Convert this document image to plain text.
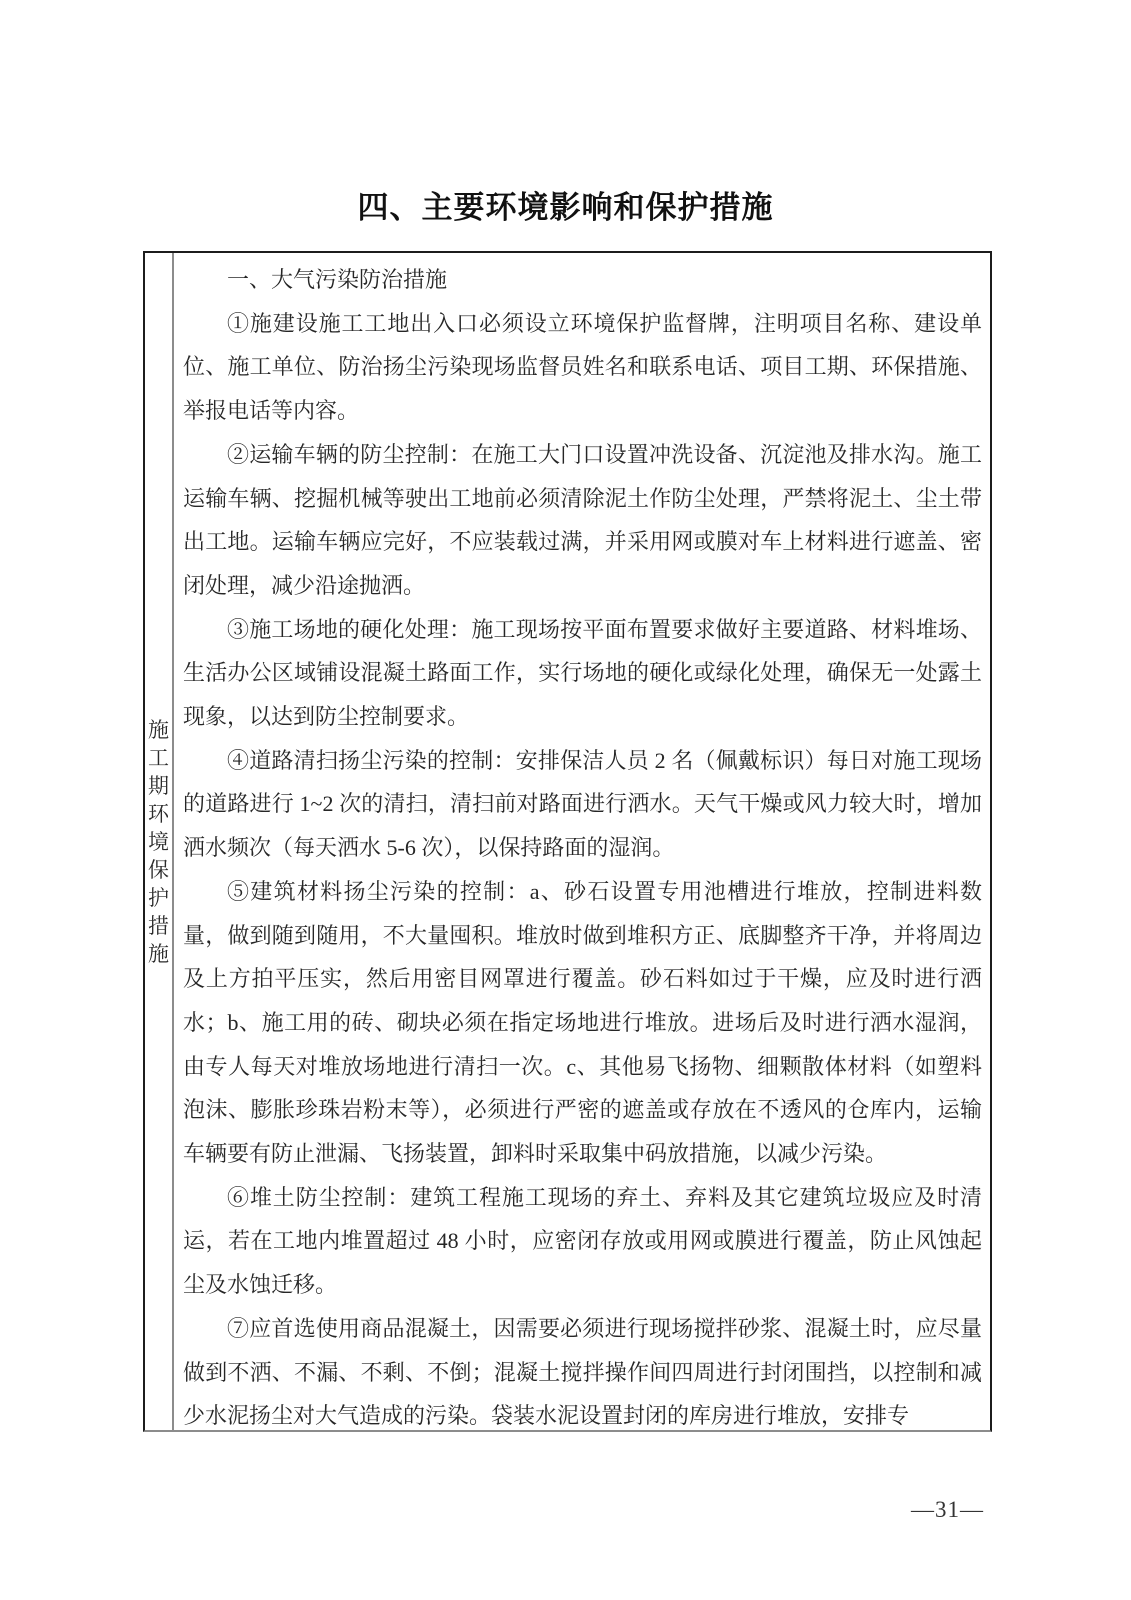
四、主要环境影响和保护措施
施工期环境保护措施

一、大气污染防治措施

①施建设施工工地出入口必须设立环境保护监督牌，注明项目名称、建设单位、施工单位、防治扬尘污染现场监督员姓名和联系电话、项目工期、环保措施、举报电话等内容。

②运输车辆的防尘控制：在施工大门口设置冲洗设备、沉淀池及排水沟。施工运输车辆、挖掘机械等驶出工地前必须清除泥土作防尘处理，严禁将泥土、尘土带出工地。运输车辆应完好，不应装载过满，并采用网或膜对车上材料进行遮盖、密闭处理，减少沿途抛洒。

③施工场地的硬化处理：施工现场按平面布置要求做好主要道路、材料堆场、生活办公区域铺设混凝土路面工作，实行场地的硬化或绿化处理，确保无一处露土现象，以达到防尘控制要求。

④道路清扫扬尘污染的控制：安排保洁人员 2 名（佩戴标识）每日对施工现场的道路进行 1~2 次的清扫，清扫前对路面进行洒水。天气干燥或风力较大时，增加洒水频次（每天洒水 5-6 次），以保持路面的湿润。

⑤建筑材料扬尘污染的控制：a、砂石设置专用池槽进行堆放，控制进料数量，做到随到随用，不大量囤积。堆放时做到堆积方正、底脚整齐干净，并将周边及上方拍平压实，然后用密目网罩进行覆盖。砂石料如过于干燥，应及时进行洒水；b、施工用的砖、砌块必须在指定场地进行堆放。进场后及时进行洒水湿润，由专人每天对堆放场地进行清扫一次。c、其他易飞扬物、细颗散体材料（如塑料泡沫、膨胀珍珠岩粉末等），必须进行严密的遮盖或存放在不透风的仓库内，运输车辆要有防止泄漏、飞扬装置，卸料时采取集中码放措施，以减少污染。

⑥堆土防尘控制：建筑工程施工现场的弃土、弃料及其它建筑垃圾应及时清运，若在工地内堆置超过 48 小时，应密闭存放或用网或膜进行覆盖，防止风蚀起尘及水蚀迁移。

⑦应首选使用商品混凝土，因需要必须进行现场搅拌砂浆、混凝土时，应尽量做到不洒、不漏、不剩、不倒；混凝土搅拌操作间四周进行封闭围挡，以控制和减少水泥扬尘对大气造成的污染。袋装水泥设置封闭的库房进行堆放，安排专

—31—
